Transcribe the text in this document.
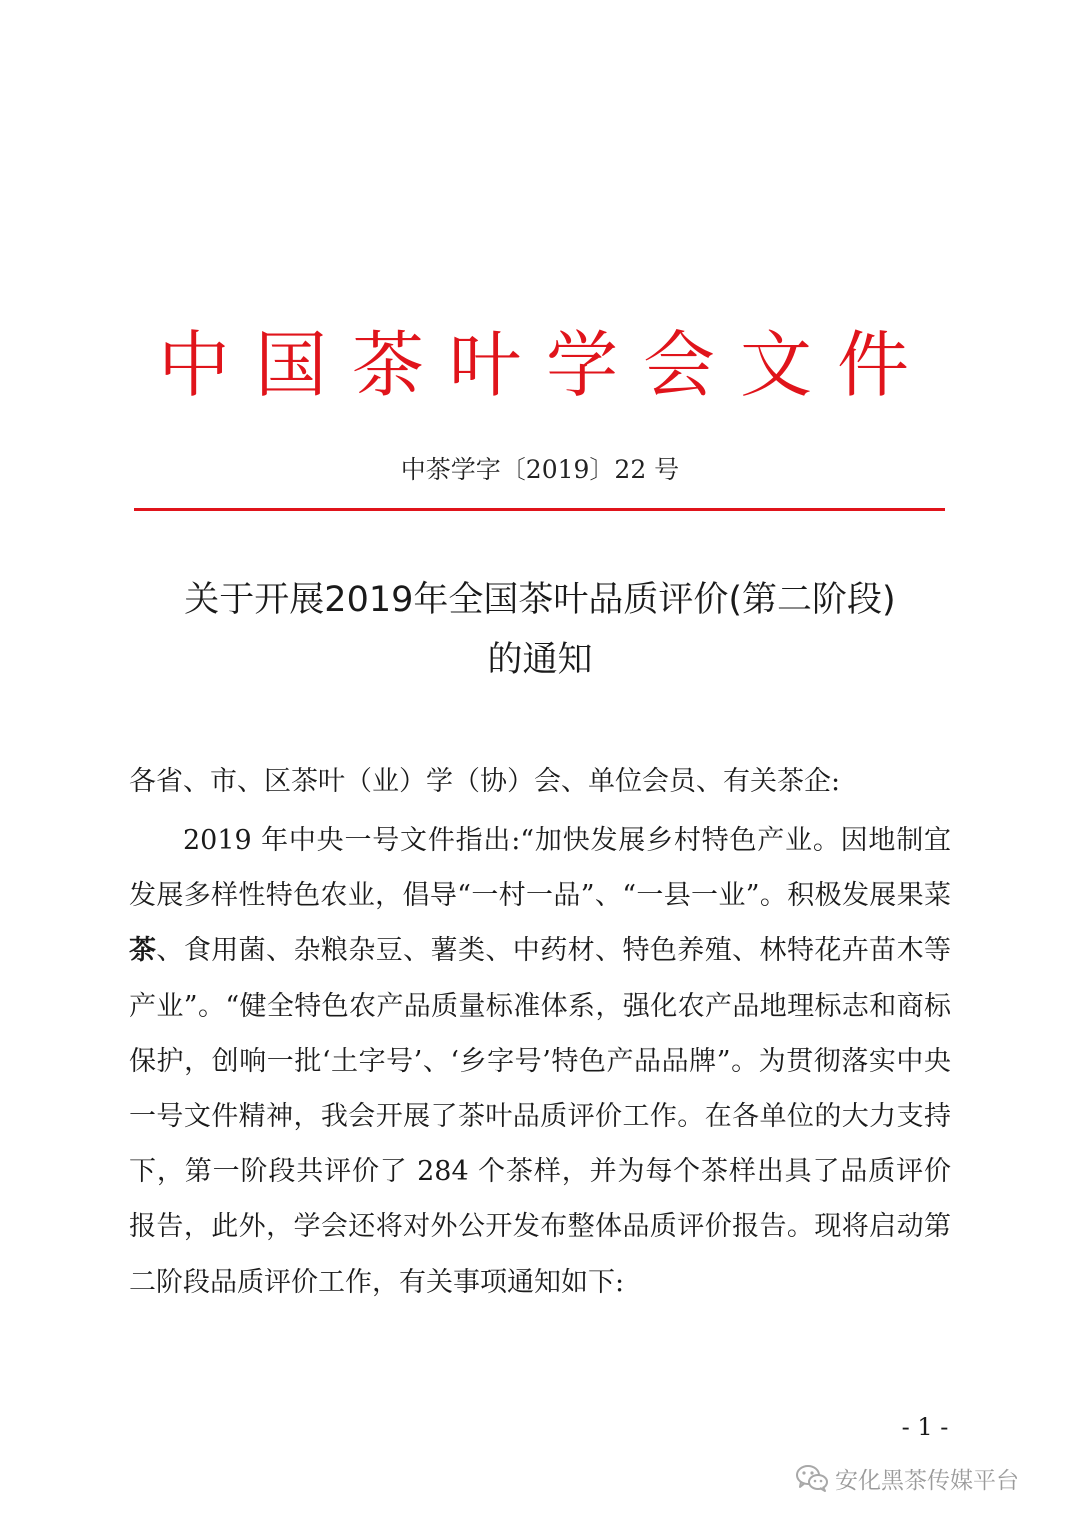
中国茶叶学会文件
中茶学字〔2019〕22 号
关于开展2019年全国茶叶品质评价(第二阶段)
的通知
各省、市、区茶叶（业）学（协）会、单位会员、有关茶企:

2019 年中央一号文件指出:“加快发展乡村特色产业。因地制宜发展多样性特色农业，倡导“一村一品”、“一县一业”。积极发展果菜茶、食用菌、杂粮杂豆、薯类、中药材、特色养殖、林特花卉苗木等产业”。“健全特色农产品质量标准体系，强化农产品地理标志和商标保护，创响一批‘土字号’、‘乡字号’特色产品品牌”。为贯彻落实中央一号文件精神，我会开展了茶叶品质评价工作。在各单位的大力支持下，第一阶段共评价了 284 个茶样，并为每个茶样出具了品质评价报告，此外，学会还将对外公开发布整体品质评价报告。现将启动第二阶段品质评价工作，有关事项通知如下:

- 1 -
安化黑茶传媒平台
